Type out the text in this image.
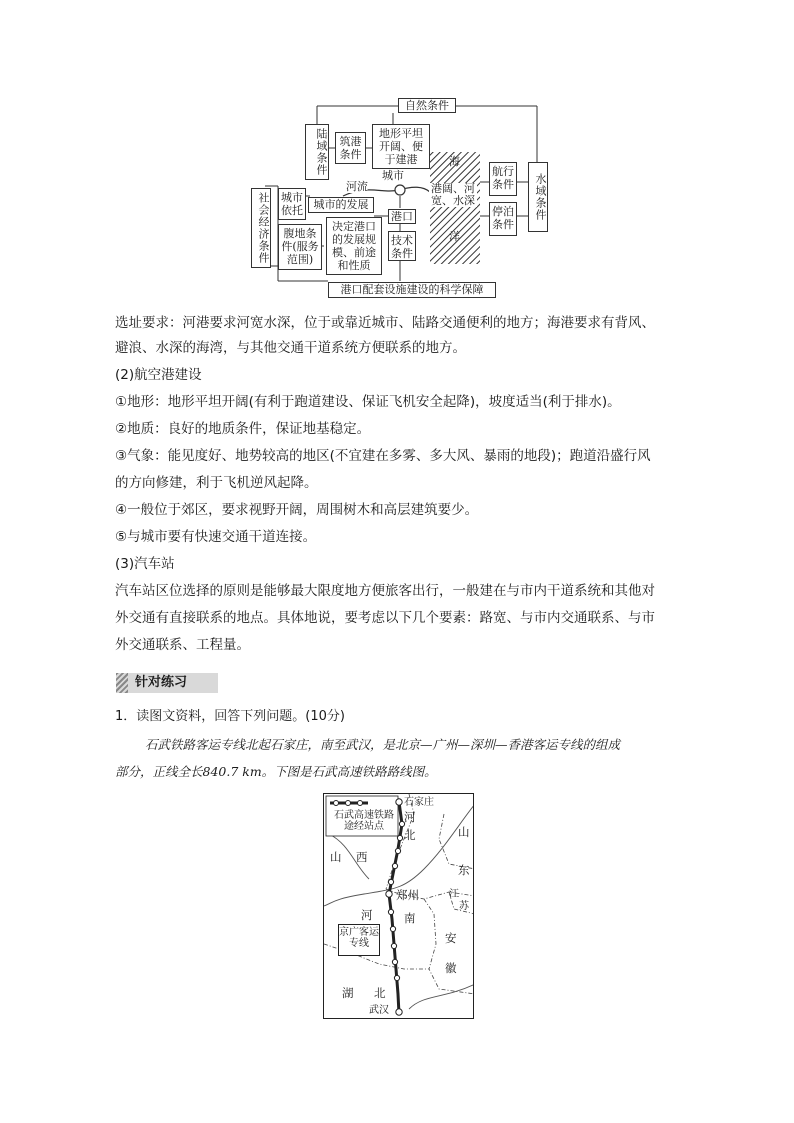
自然条件
陆域条件	筑港条件
地形平坦开阔、便于建港	海
洋
航行条件
停泊条件
水域条件
河流
城市
港阔、河宽、水深
社会经济条件 城市依托 城市的发展
港口
腹地条件(服务范围)
决定港口的发展规模、前途和性质
技术条件
港口配套设施建设的科学保障
选址要求：河港要求河宽水深，位于或靠近城市、陆路交通便利的地方；海港要求有背风、
避浪、水深的海湾，与其他交通干道系统方便联系的地方。
(2)航空港建设
①地形：地形平坦开阔(有利于跑道建设、保证飞机安全起降)，坡度适当(利于排水)。
②地质：良好的地质条件，保证地基稳定。
③气象：能见度好、地势较高的地区(不宜建在多雾、多大风、暴雨的地段)；跑道沿盛行风
的方向修建，利于飞机逆风起降。
④一般位于郊区，要求视野开阔，周围树木和高层建筑要少。
⑤与城市要有快速交通干道连接。
(3)汽车站
汽车站区位选择的原则是能够最大限度地方便旅客出行，一般建在与市内干道系统和其他对
外交通有直接联系的地点。具体地说，要考虑以下几个要素：路宽、与市内交通联系、与市
外交通联系、工程量。
针对练习
1．读图文资料，回答下列问题。(10分)
石武铁路客运专线北起石家庄，南至武汉，是北京—广州—深圳—香港客运专线的组成
部分，正线全长840.7 km。下图是石武高速铁路路线图。
石武高速铁路途经站点
石家庄
河
北	山
东
山 西
江
苏
郑州
河	南
京广客运专线	安
徽
湖 北
武汉
